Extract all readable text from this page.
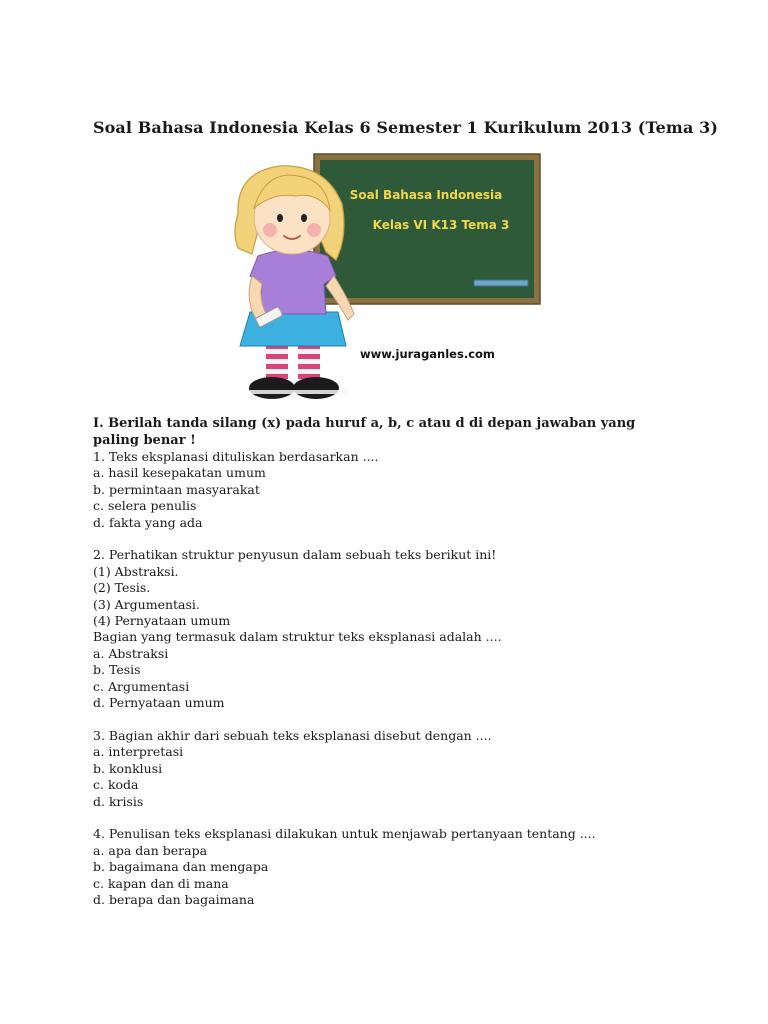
Soal Bahasa Indonesia Kelas 6 Semester 1 Kurikulum 2013 (Tema 3)
Soal Bahasa Indonesia
Kelas VI K13 Tema 3
www.juraganles.com
I. Berilah tanda silang (x) pada huruf a, b, c atau d di depan jawaban yang paling benar !
1. Teks eksplanasi dituliskan berdasarkan ....
a. hasil kesepakatan umum
b. permintaan masyarakat
c. selera penulis
d. fakta yang ada
2. Perhatikan struktur penyusun dalam sebuah teks berikut ini!
(1) Abstraksi.
(2) Tesis.
(3) Argumentasi.
(4) Pernyataan umum
Bagian yang termasuk dalam struktur teks eksplanasi adalah ....
a. Abstraksi
b. Tesis
c. Argumentasi
d. Pernyataan umum
3. Bagian akhir dari sebuah teks eksplanasi disebut dengan ....
a. interpretasi
b. konklusi
c. koda
d. krisis
4. Penulisan teks eksplanasi dilakukan untuk menjawab pertanyaan tentang ....
a. apa dan berapa
b. bagaimana dan mengapa
c. kapan dan di mana
d. berapa dan bagaimana
